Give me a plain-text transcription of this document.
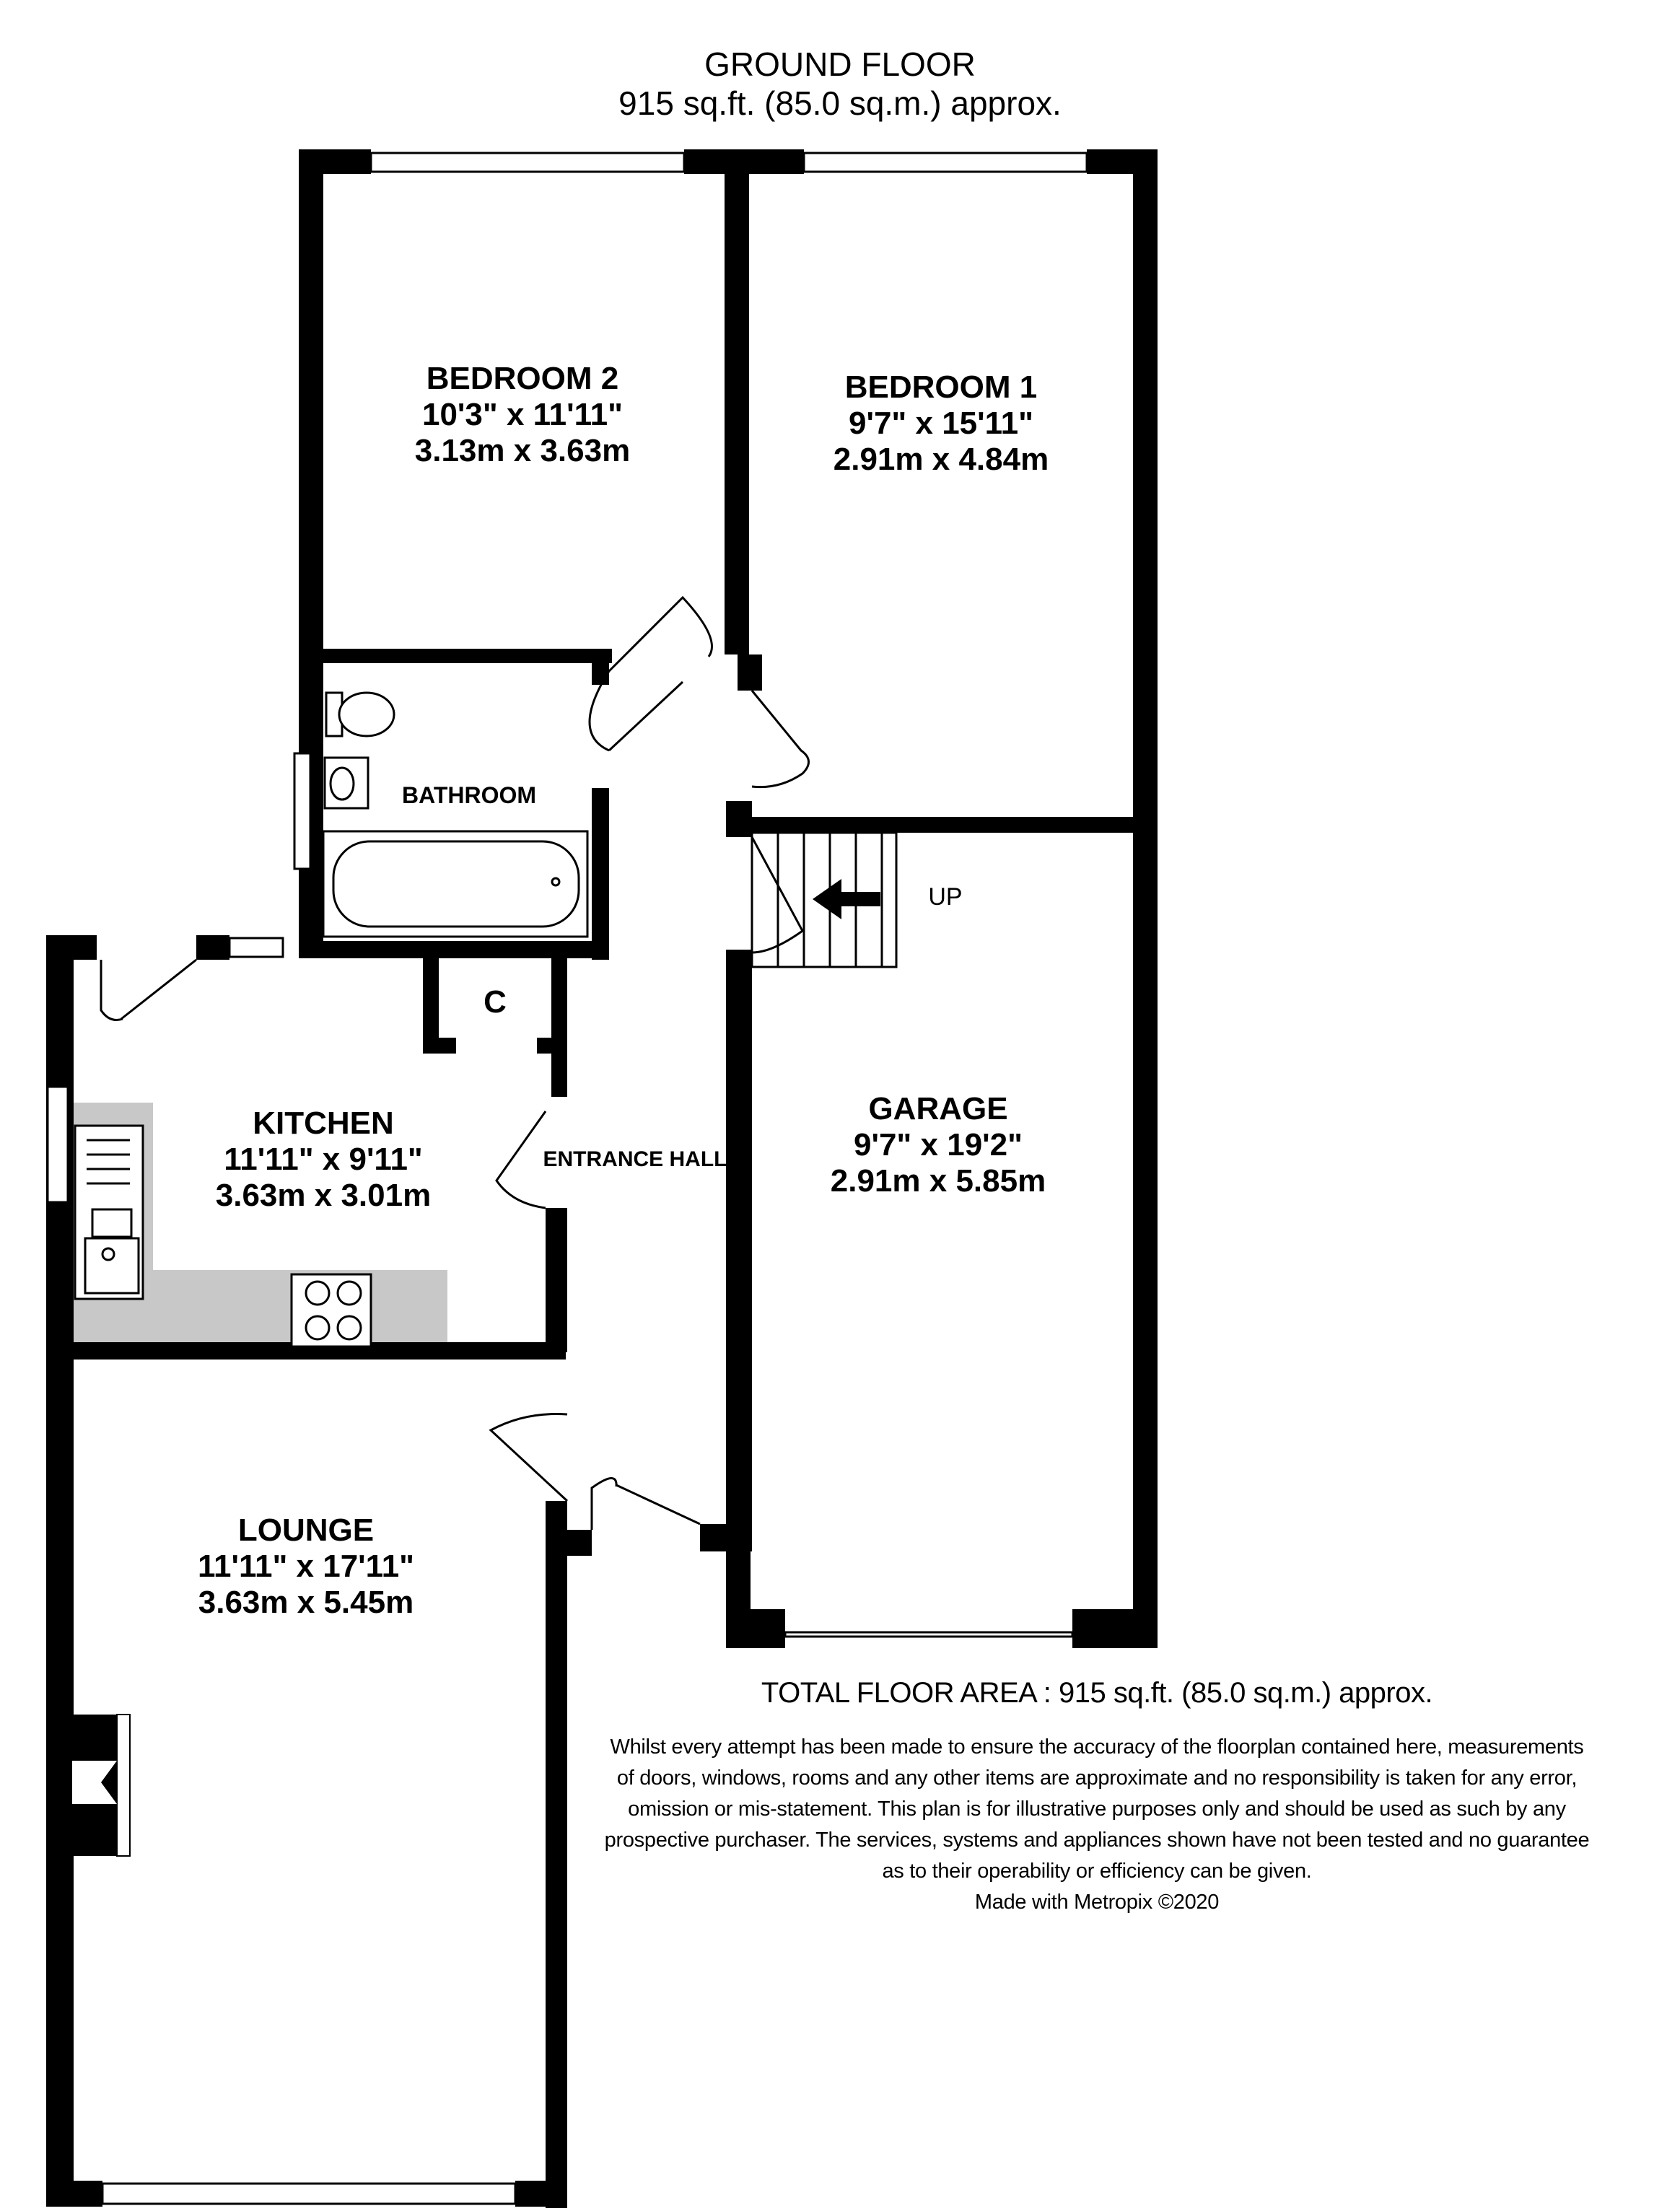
GROUND FLOOR
915 sq.ft. (85.0 sq.m.) approx.
BEDROOM 2
10'3" x 11'11"
3.13m x 3.63m
BEDROOM 1
9'7" x 15'11"
2.91m x 4.84m
BATHROOM
C
KITCHEN
11'11" x 9'11"
3.63m x 3.01m
ENTRANCE HALL
UP
GARAGE
9'7" x 19'2"
2.91m x 5.85m
LOUNGE
11'11" x 17'11"
3.63m x 5.45m
TOTAL FLOOR AREA : 915 sq.ft. (85.0 sq.m.) approx.
Whilst every attempt has been made to ensure the accuracy of the floorplan contained here, measurements
of doors, windows, rooms and any other items are approximate and no responsibility is taken for any error,
omission or mis-statement. This plan is for illustrative purposes only and should be used as such by any
prospective purchaser. The services, systems and appliances shown have not been tested and no guarantee
as to their operability or efficiency can be given.
Made with Metropix ©2020
